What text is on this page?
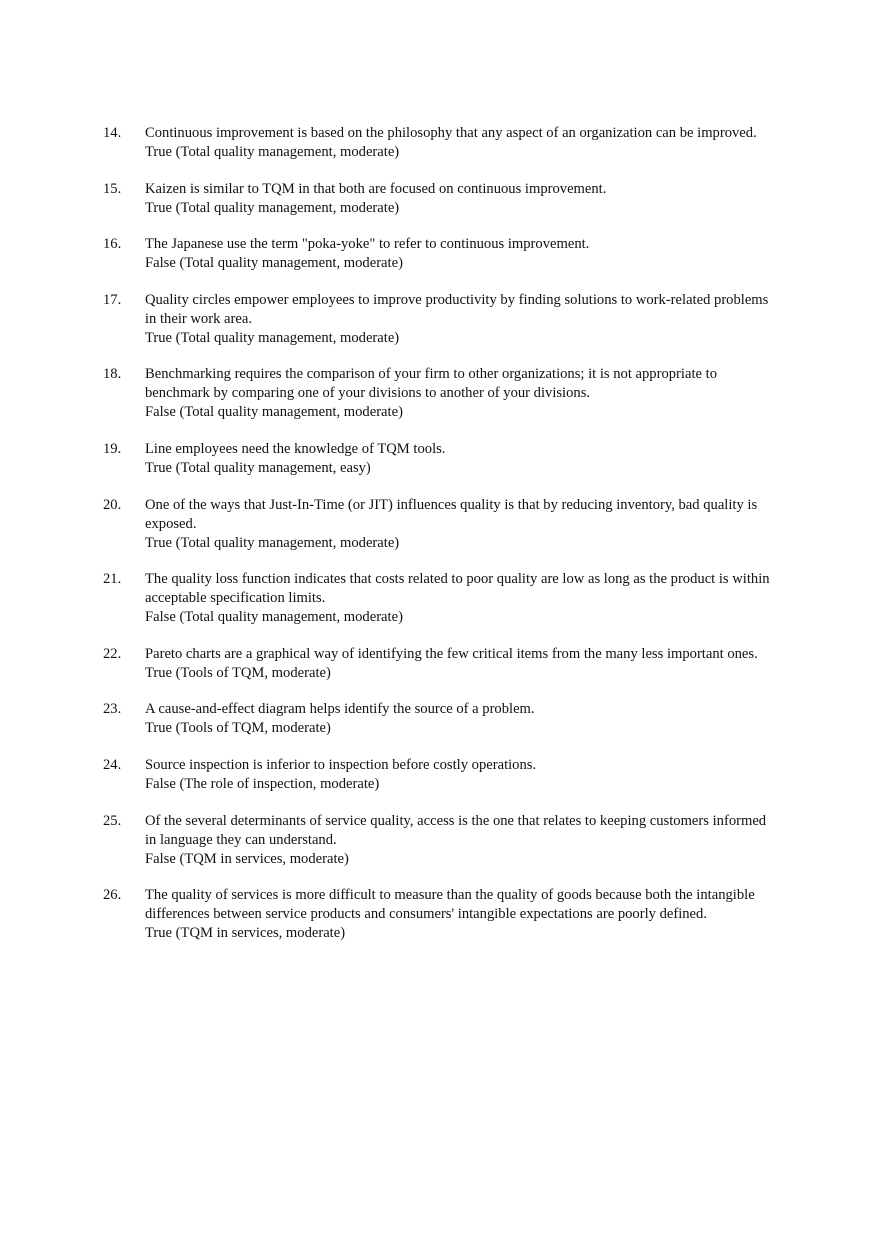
14.	Continuous improvement is based on the philosophy that any aspect of an organization can be improved.
True (Total quality management, moderate)
15.	Kaizen is similar to TQM in that both are focused on continuous improvement.
True (Total quality management, moderate)
16.	The Japanese use the term "poka-yoke" to refer to continuous improvement.
False (Total quality management, moderate)
17.	Quality circles empower employees to improve productivity by finding solutions to work-related problems in their work area.
True (Total quality management, moderate)
18.	Benchmarking requires the comparison of your firm to other organizations; it is not appropriate to benchmark by comparing one of your divisions to another of your divisions.
False (Total quality management, moderate)
19.	Line employees need the knowledge of TQM tools.
True (Total quality management, easy)
20.	One of the ways that Just-In-Time (or JIT) influences quality is that by reducing inventory, bad quality is exposed.
True (Total quality management, moderate)
21.	The quality loss function indicates that costs related to poor quality are low as long as the product is within acceptable specification limits.
False (Total quality management, moderate)
22.	Pareto charts are a graphical way of identifying the few critical items from the many less important ones.
True (Tools of TQM, moderate)
23.	A cause-and-effect diagram helps identify the source of a problem.
True (Tools of TQM, moderate)
24.	Source inspection is inferior to inspection before costly operations.
False (The role of inspection, moderate)
25.	Of the several determinants of service quality, access is the one that relates to keeping customers informed in language they can understand.
False (TQM in services, moderate)
26.	The quality of services is more difficult to measure than the quality of goods because both the intangible differences between service products and consumers' intangible expectations are poorly defined.
True (TQM in services, moderate)
